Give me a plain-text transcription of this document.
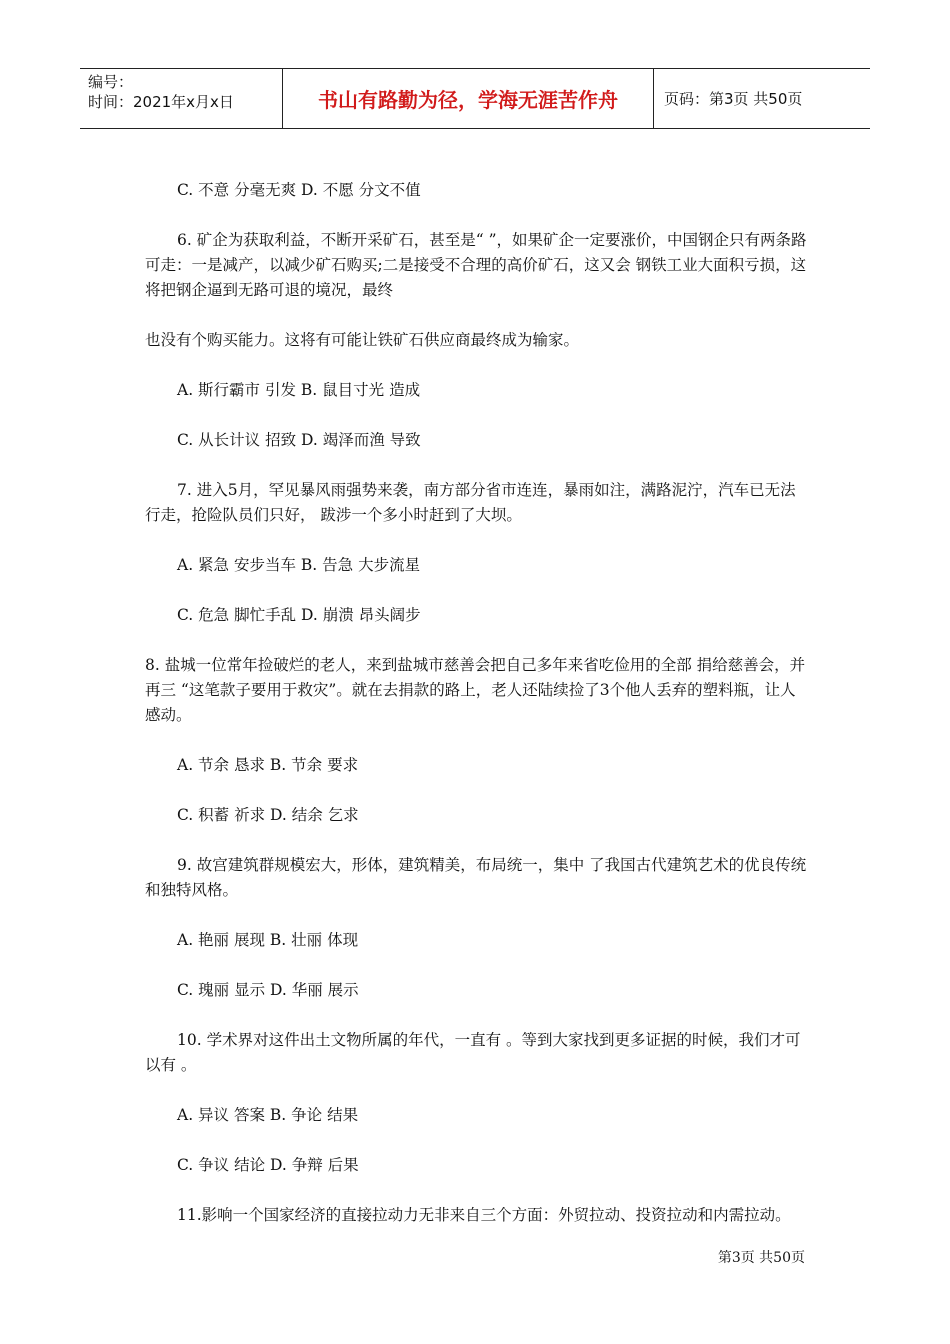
编号：
时间：2021年x月x日	书山有路勤为径，学海无涯苦作舟	页码：第3页 共50页

C. 不意 分毫无爽 D. 不愿 分文不值

6. 矿企为获取利益，不断开采矿石，甚至是“ ”，如果矿企一定要涨价，中国钢企只有两条路可走：一是减产，以减少矿石购买;二是接受不合理的高价矿石，这又会 钢铁工业大面积亏损，这将把钢企逼到无路可退的境况，最终

也没有个购买能力。这将有可能让铁矿石供应商最终成为输家。

A. 斯行霸市 引发 B. 鼠目寸光 造成

C. 从长计议 招致 D. 竭泽而渔 导致

7. 进入5月，罕见暴风雨强势来袭，南方部分省市连连，暴雨如注，满路泥泞，汽车已无法行走，抢险队员们只好， 跋涉一个多小时赶到了大坝。

A. 紧急 安步当车 B. 告急 大步流星

C. 危急 脚忙手乱 D. 崩溃 昂头阔步

8. 盐城一位常年捡破烂的老人，来到盐城市慈善会把自己多年来省吃俭用的全部 捐给慈善会，并再三 “这笔款子要用于救灾”。就在去捐款的路上，老人还陆续捡了3个他人丢弃的塑料瓶，让人感动。

A. 节余 恳求 B. 节余 要求

C. 积蓄 祈求 D. 结余 乞求

9. 故宫建筑群规模宏大，形体，建筑精美，布局统一，集中 了我国古代建筑艺术的优良传统和独特风格。

A. 艳丽 展现 B. 壮丽 体现

C. 瑰丽 显示 D. 华丽 展示

10. 学术界对这件出土文物所属的年代，一直有 。等到大家找到更多证据的时候，我们才可以有 。

A. 异议 答案 B. 争论 结果

C. 争议 结论 D. 争辩 后果

11.影响一个国家经济的直接拉动力无非来自三个方面：外贸拉动、投资拉动和内需拉动。

第3页 共50页
